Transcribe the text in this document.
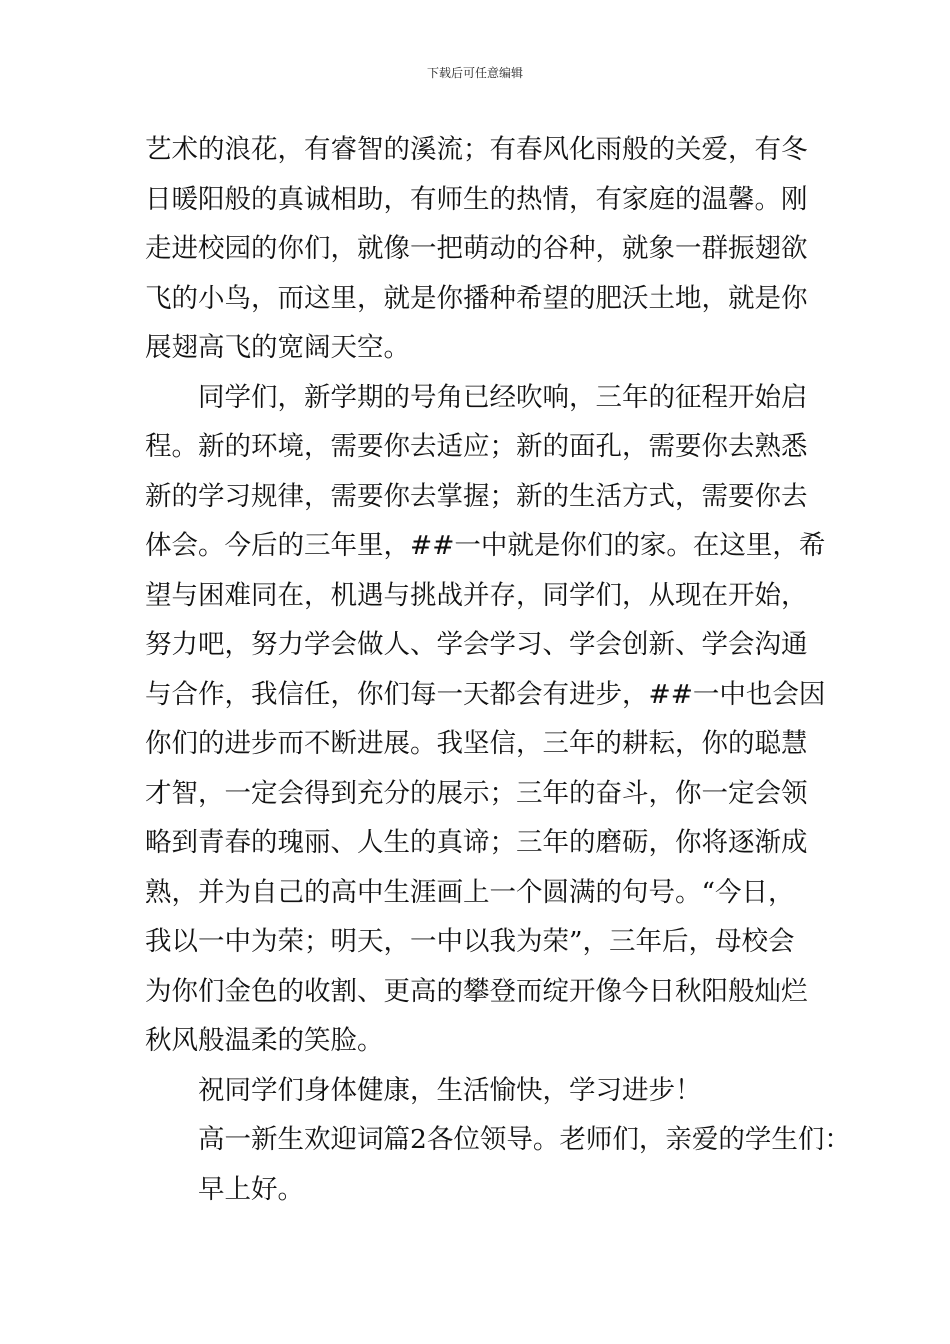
下载后可任意编辑
艺术的浪花，有睿智的溪流；有春风化雨般的关爱，有冬
日暖阳般的真诚相助，有师生的热情，有家庭的温馨。刚
走进校园的你们，就像一把萌动的谷种，就象一群振翅欲
飞的小鸟，而这里，就是你播种希望的肥沃土地，就是你
展翅高飞的宽阔天空。
同学们，新学期的号角已经吹响，三年的征程开始启
程。新的环境，需要你去适应；新的面孔，需要你去熟悉
新的学习规律，需要你去掌握；新的生活方式，需要你去
体会。今后的三年里，##一中就是你们的家。在这里，希
望与困难同在，机遇与挑战并存，同学们，从现在开始，
努力吧，努力学会做人、学会学习、学会创新、学会沟通
与合作，我信任，你们每一天都会有进步，##一中也会因
你们的进步而不断进展。我坚信，三年的耕耘，你的聪慧
才智，一定会得到充分的展示；三年的奋斗，你一定会领
略到青春的瑰丽、人生的真谛；三年的磨砺，你将逐渐成
熟，并为自己的高中生涯画上一个圆满的句号。“今日，
我以一中为荣；明天，一中以我为荣”，三年后，母校会
为你们金色的收割、更高的攀登而绽开像今日秋阳般灿烂
秋风般温柔的笑脸。
祝同学们身体健康，生活愉快，学习进步！
高一新生欢迎词篇2各位领导。老师们，亲爱的学生们：
早上好。
